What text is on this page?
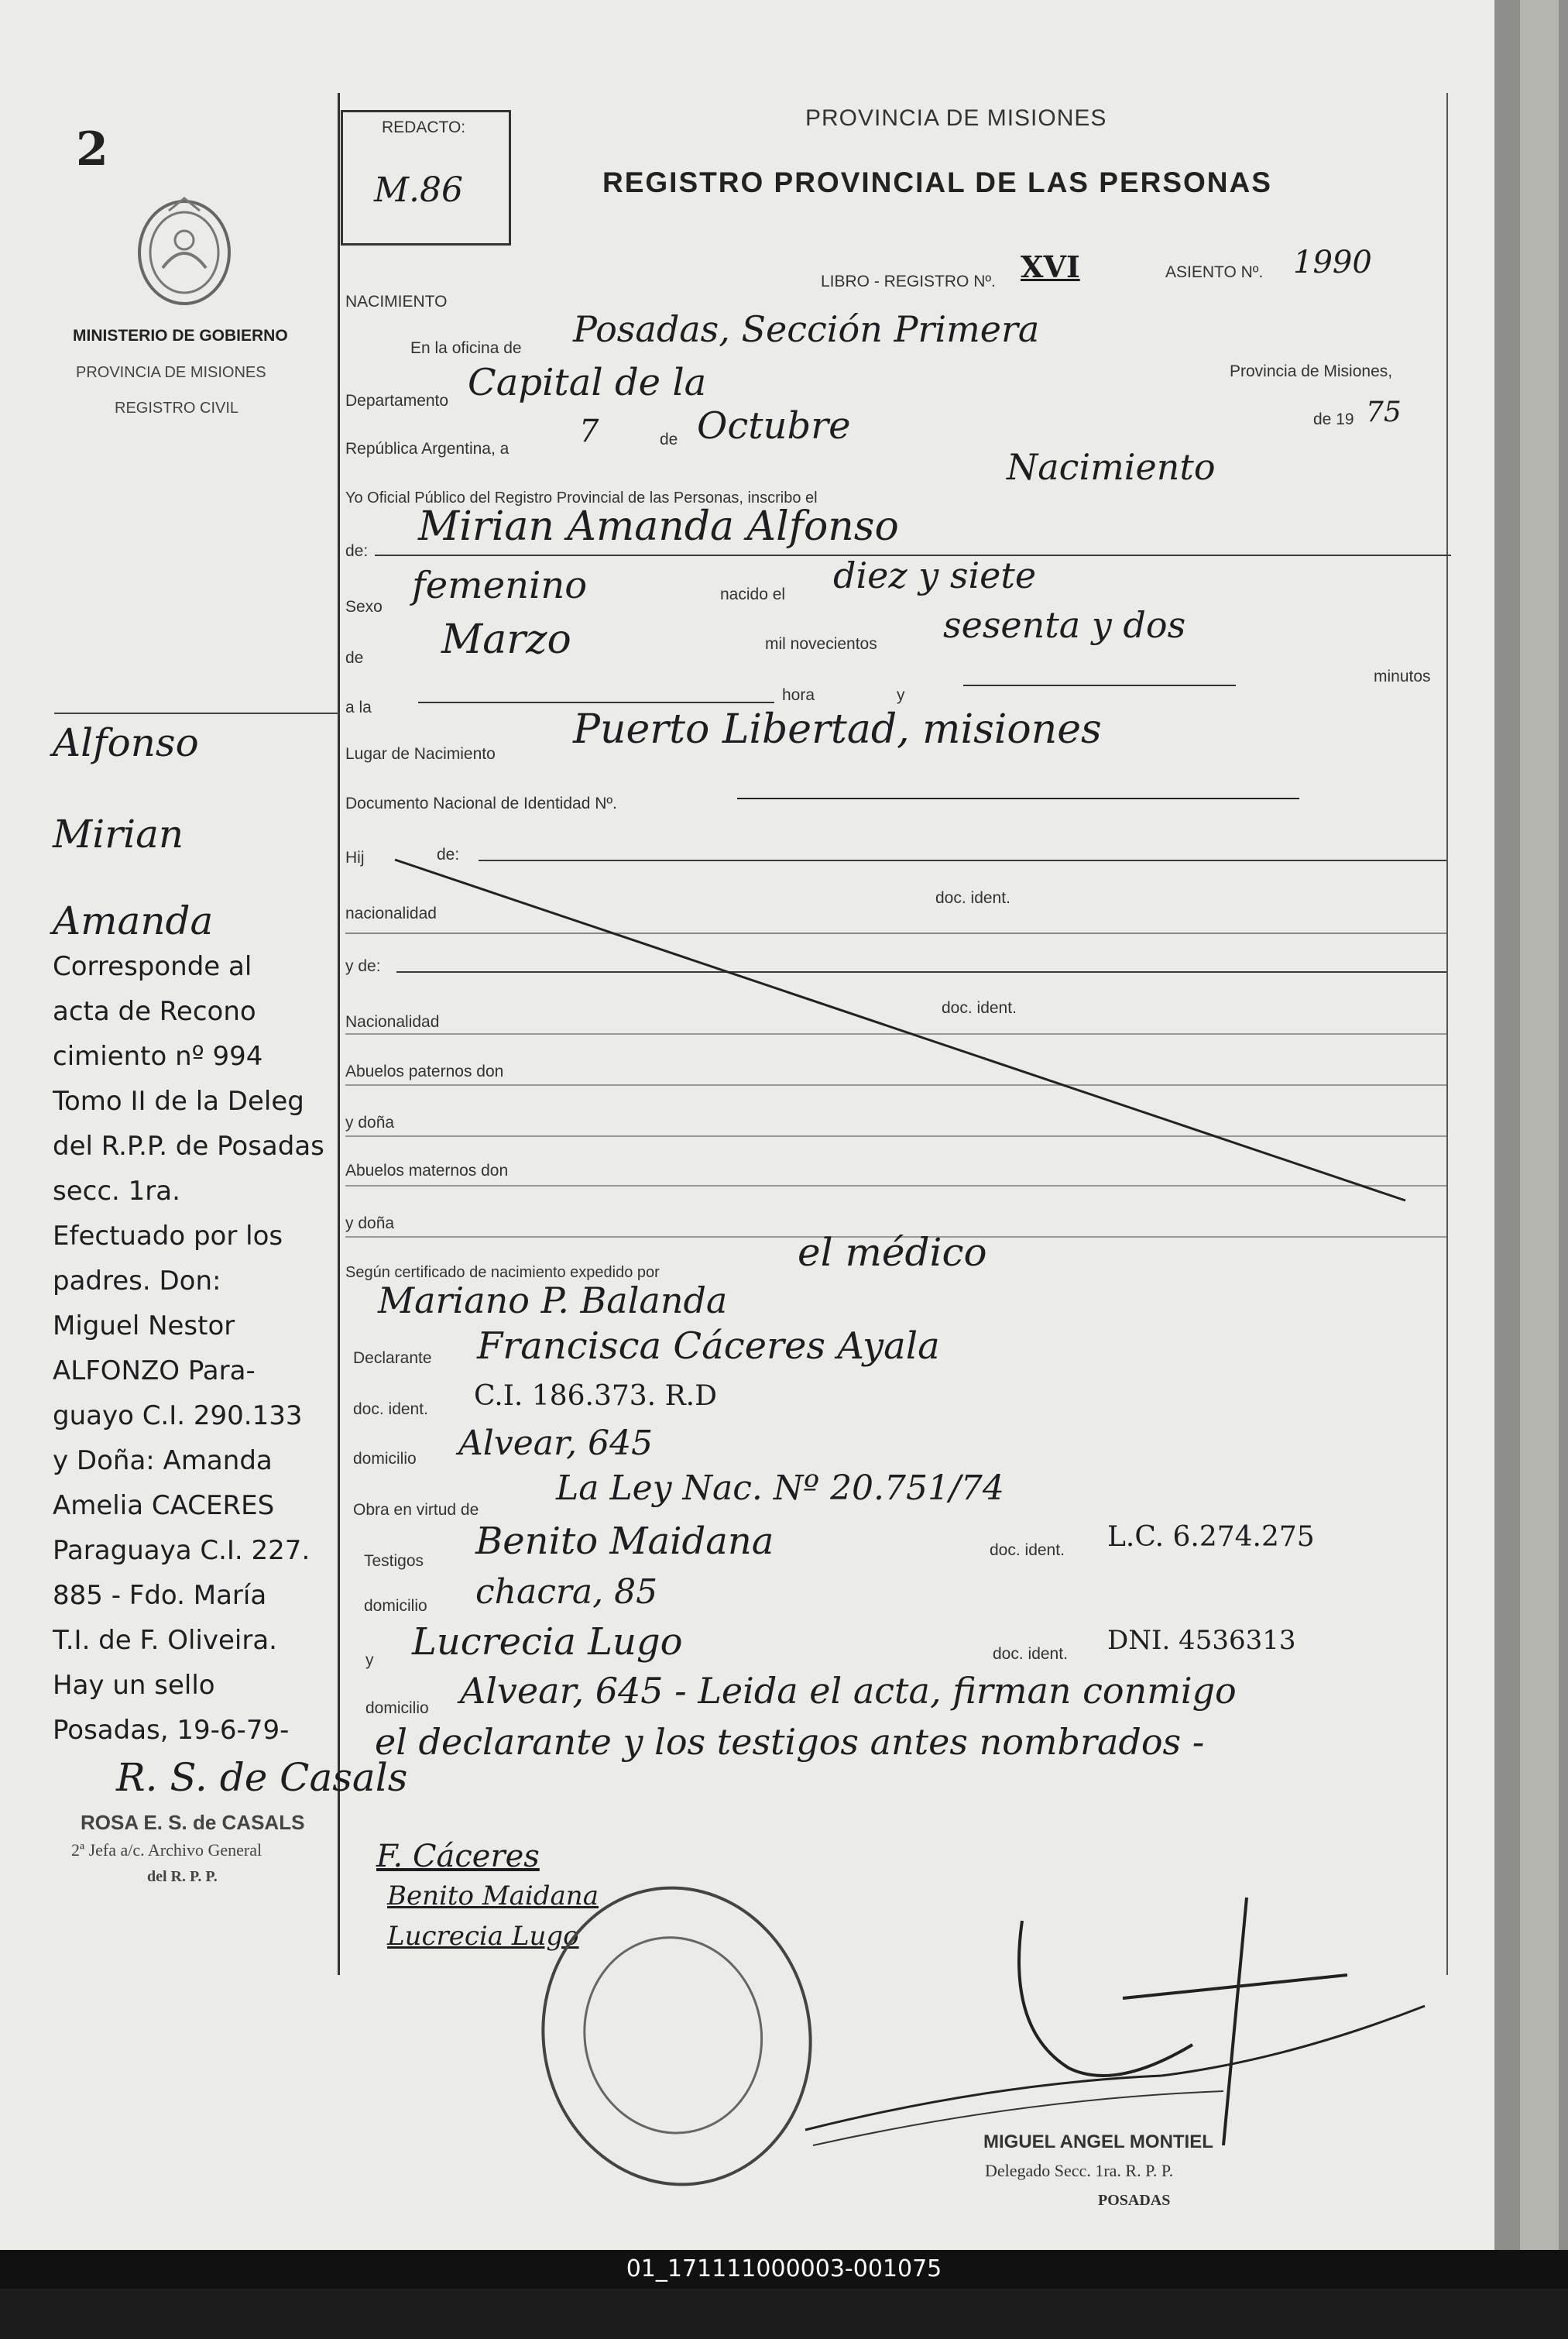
2	REDACTO:
M.86
MINISTERIO DE GOBIERNO
PROVINCIA DE MISIONES
REGISTRO CIVIL
PROVINCIA DE MISIONES
REGISTRO PROVINCIAL DE LAS PERSONAS
NACIMIENTO
LIBRO - REGISTRO Nº. XVI	ASIENTO Nº. 1990
En la oficina de Posadas, Sección Primera
Provincia de Misiones,
Departamento Capital de la
República Argentina, a 7	de Octubre	de 19 75
Yo Oficial Público del Registro Provincial de las Personas, inscribo el
Nacimiento
de:
Mirian Amanda Alfonso
Sexo femenino	nacido el diez y siete
de Marzo	mil novecientos sesenta y dos
a la
hora	y
minutos
Lugar de Nacimiento
Puerto Libertad, misiones
Documento Nacional de Identidad Nº.
Hij	de:
doc. ident.
nacionalidad
y de:
doc. ident.
Nacionalidad
Abuelos paternos don
y doña
Abuelos maternos don
y doña
Según certificado de nacimiento expedido por	el médico
Mariano P. Balanda
Declarante Francisca Cáceres Ayala
doc. ident. C.I. 186.373. R.D
domicilio Alvear, 645
Obra en virtud de
La Ley Nac. Nº 20.751/74
Testigos Benito Maidana	doc. ident. L.C. 6.274.275
domicilio chacra, 85
y Lucrecia Lugo	doc. ident. DNI. 4536313
domicilio Alvear, 645 - Leida el acta, firman conmigo
el declarante y los testigos antes nombrados -
Alfonso
Mirian
Amanda
Corresponde al
acta de Recono
cimiento nº 994
Tomo II de la Deleg
del R.P.P. de Posadas
secc. 1ra.
Efectuado por los
padres. Don:
Miguel Nestor
ALFONZO Para-
guayo C.I. 290.133
y Doña: Amanda
Amelia CACERES
Paraguaya C.I. 227.
885 - Fdo. María
T.I. de F. Oliveira.
Hay un sello
Posadas, 19-6-79-
R. S. de Casals
ROSA E. S. de CASALS
2ª Jefa a/c. Archivo General
del R. P. P.
F. Cáceres
Benito Maidana
Lucrecia Lugo
MIGUEL ANGEL MONTIEL
Delegado Secc. 1ra. R. P. P.
POSADAS
01_171111000003-001075
